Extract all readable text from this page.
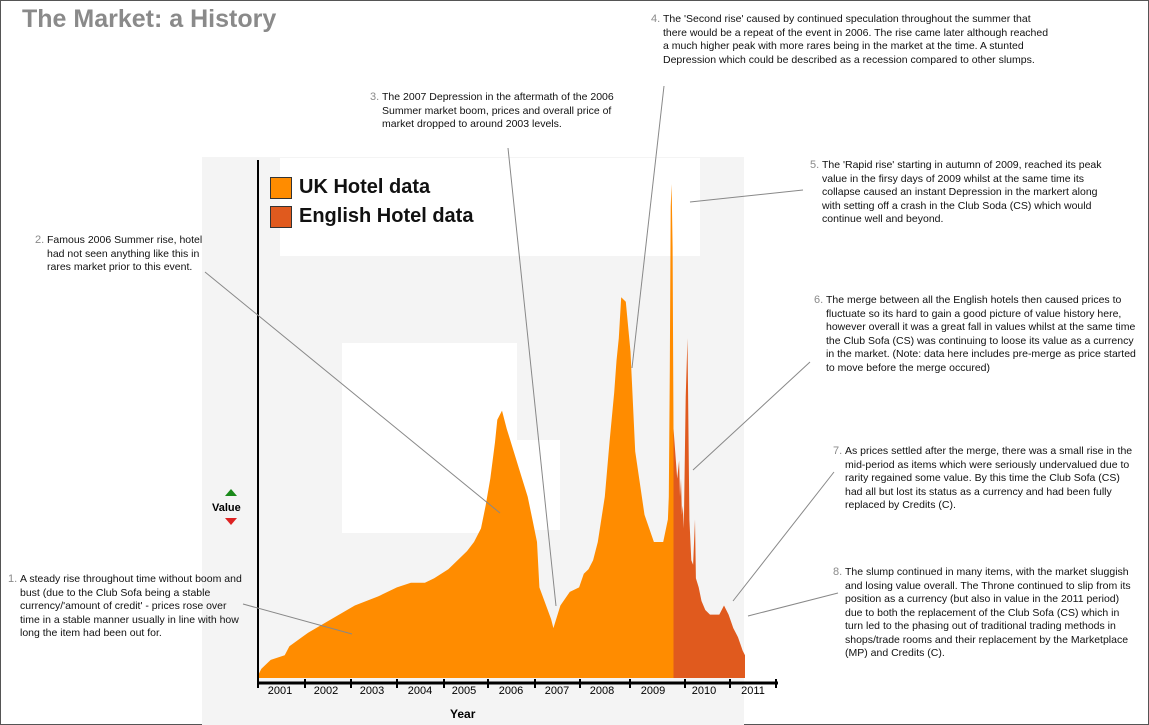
The Market: a History
UK Hotel data
English Hotel data
Value
2001 2002 2003 2004 2005 2006 2007 2008 2009 2010 2011
Year
1. A steady rise throughout time without boom and bust (due to the Club Sofa being a stable currency/'amount of credit' - prices rose over time in a stable manner usually in line with how long the item had been out for.
2. Famous 2006 Summer rise, hotel had not seen anything like this in rares market prior to this event.
3. The 2007 Depression in the aftermath of the 2006 Summer market boom, prices and overall price of market dropped to around 2003 levels.
4. The 'Second rise' caused by continued speculation throughout the summer that there would be a repeat of the event in 2006. The rise came later although reached a much higher peak with more rares being in the market at the time. A stunted Depression which could be described as a recession compared to other slumps.
5. The 'Rapid rise' starting in autumn of 2009, reached its peak value in the firsy days of 2009 whilst at the same time its collapse caused an instant Depression in the markert along with setting off a crash in the Club Soda (CS) which would continue well and beyond.
6. The merge between all the English hotels then caused prices to fluctuate so its hard to gain a good picture of value history here, however overall it was a great fall in values whilst at the same time the Club Sofa (CS) was continuing to loose its value as a currency in the market. (Note: data here includes pre-merge as price started to move before the merge occured)
7. As prices settled after the merge, there was a small rise in the mid-period as items which were seriously undervalued due to rarity regained some value. By this time the Club Sofa (CS) had all but lost its status as a currency and had been fully replaced by Credits (C).
8. The slump continued in many items, with the market sluggish and losing value overall. The Throne continued to slip from its position as a currency (but also in value in the 2011 period) due to both the replacement of the Club Sofa (CS) which in turn led to the phasing out of traditional trading methods in shops/trade rooms and their replacement by the Marketplace (MP) and Credits (C).
